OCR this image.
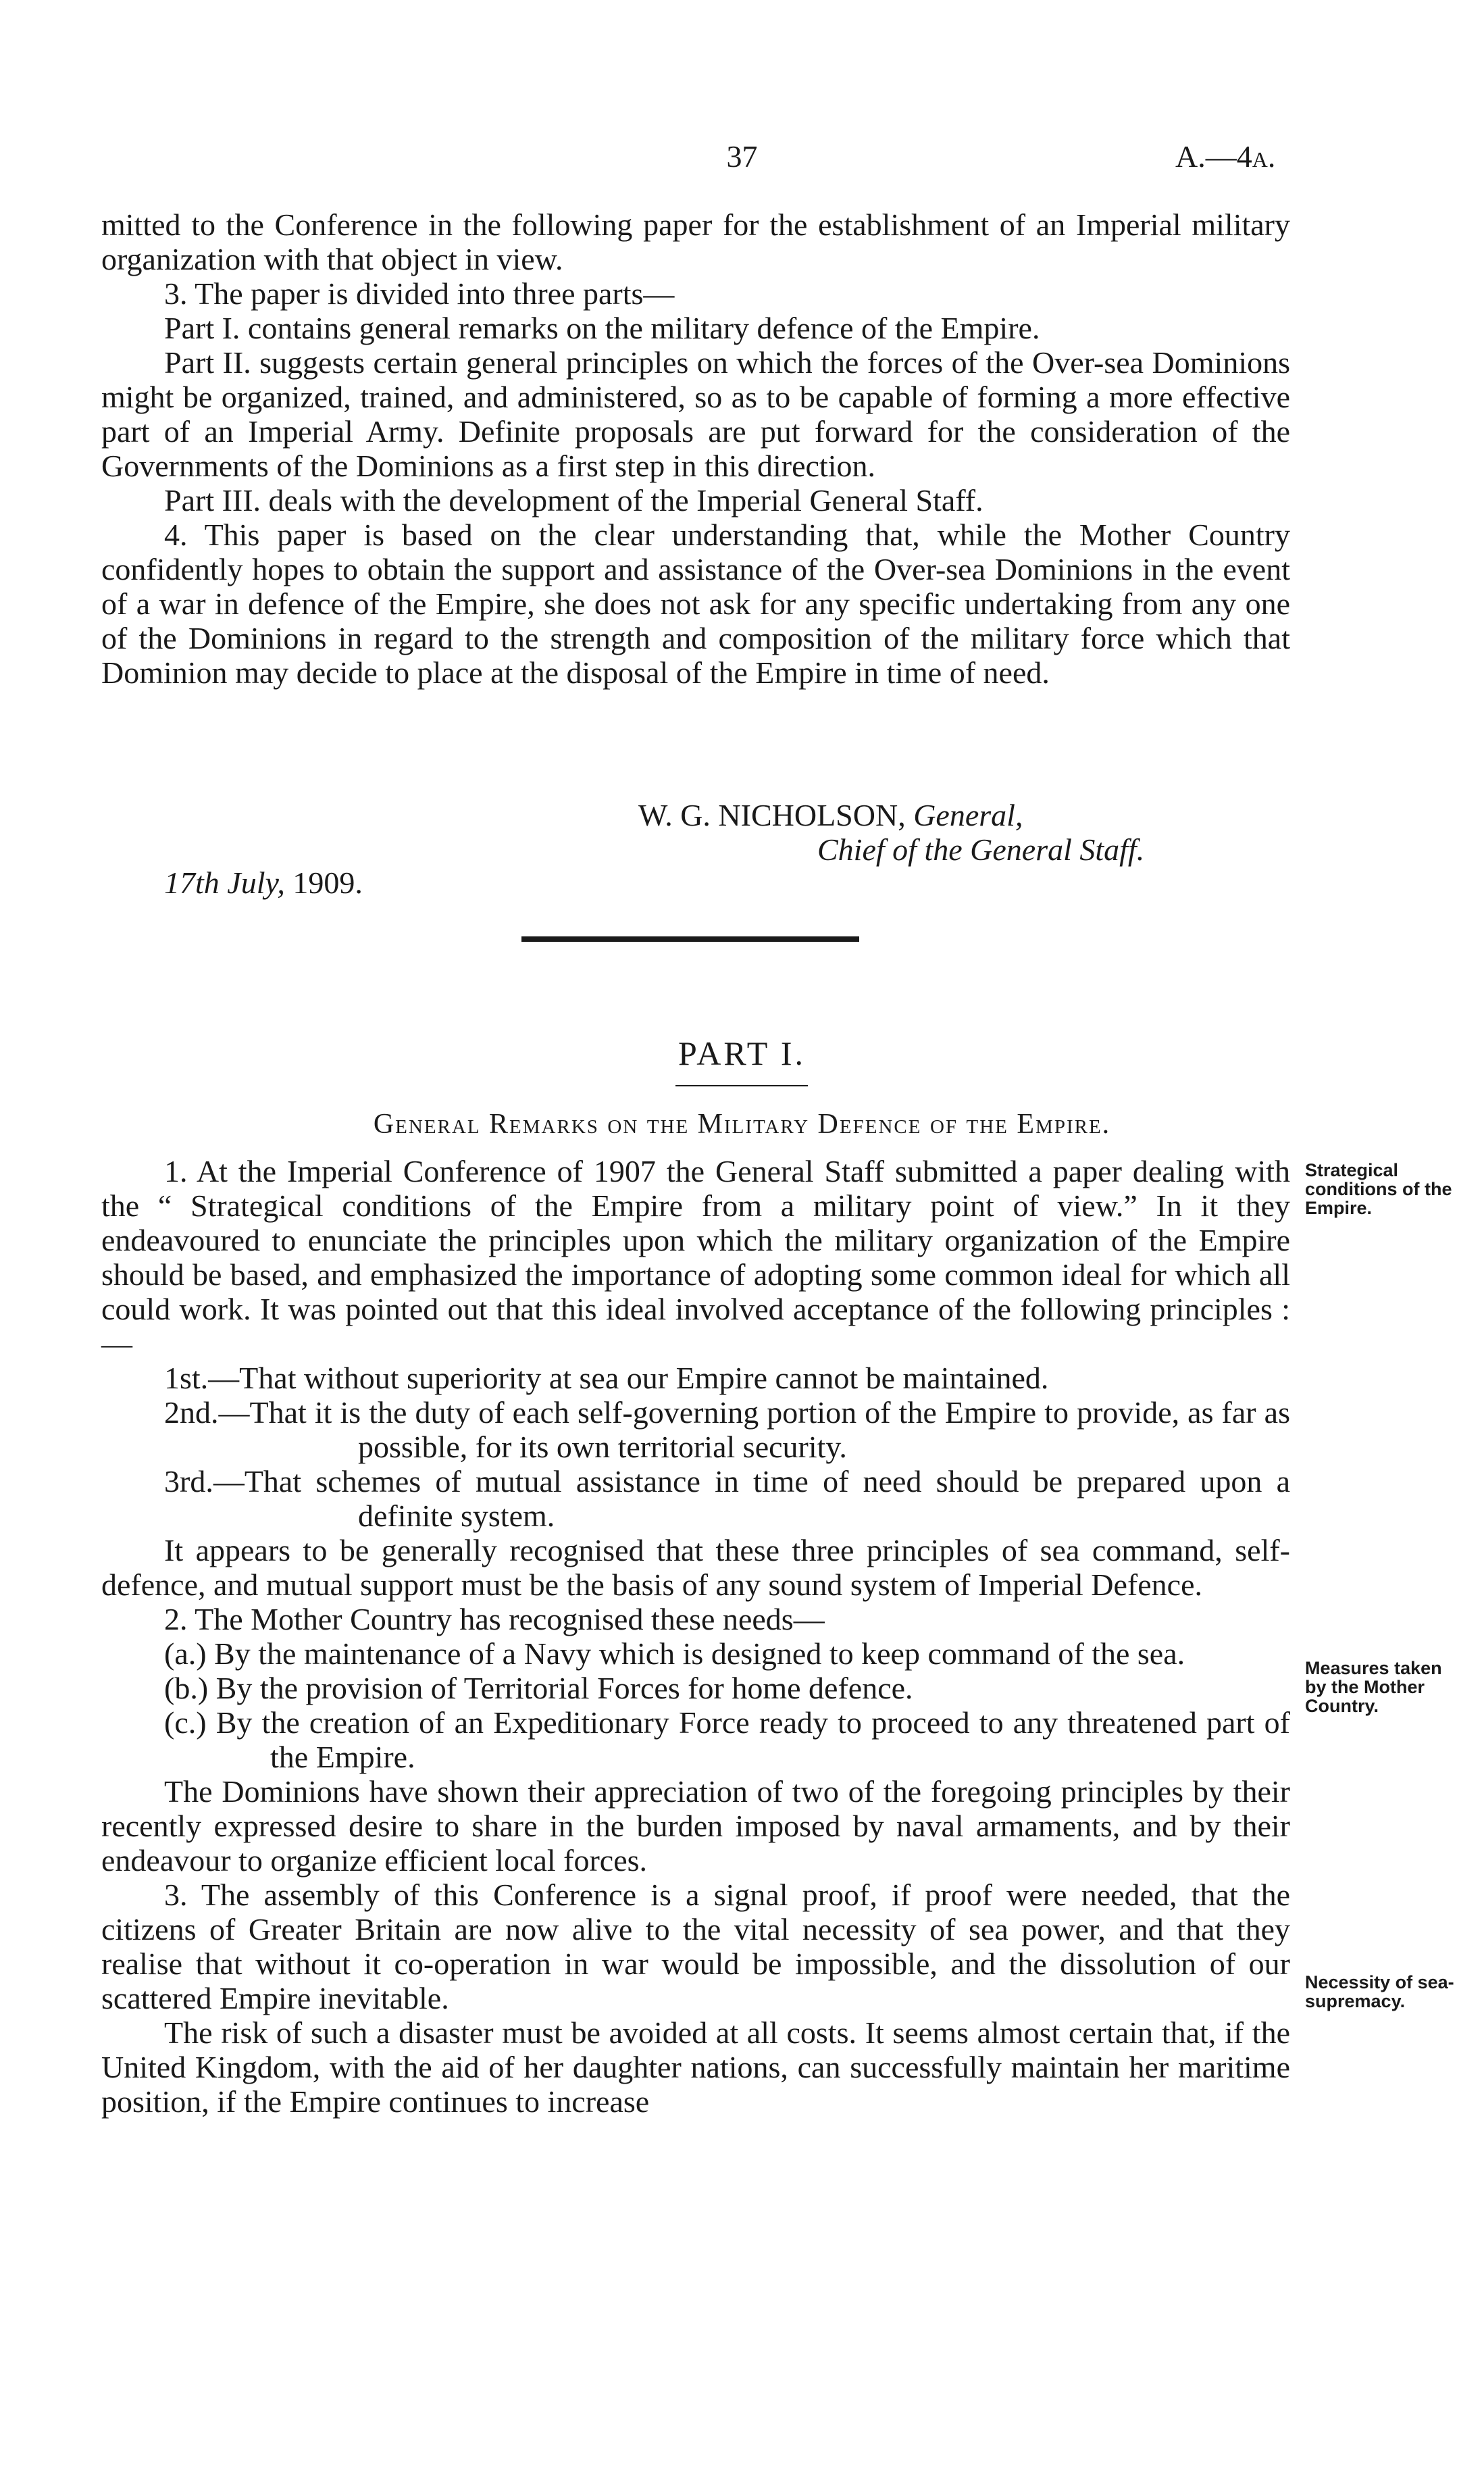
37	A.—4a.

mitted to the Conference in the following paper for the establishment of an Imperial military organization with that object in view.

3. The paper is divided into three parts—

Part I. contains general remarks on the military defence of the Empire.

Part II. suggests certain general principles on which the forces of the Over-sea Dominions might be organized, trained, and administered, so as to be capable of forming a more effective part of an Imperial Army. Definite proposals are put forward for the consideration of the Governments of the Dominions as a first step in this direction.

Part III. deals with the development of the Imperial General Staff.

4. This paper is based on the clear understanding that, while the Mother Country confidently hopes to obtain the support and assistance of the Over-sea Dominions in the event of a war in defence of the Empire, she does not ask for any specific undertaking from any one of the Dominions in regard to the strength and composition of the military force which that Dominion may decide to place at the disposal of the Empire in time of need.

W. G. NICHOLSON, General,
Chief of the General Staff.
17th July, 1909.
PART I.
General Remarks on the Military Defence of the Empire.

1. At the Imperial Conference of 1907 the General Staff submitted a paper dealing with the “ Strategical conditions of the Empire from a military point of view.” In it they endeavoured to enunciate the principles upon which the military organization of the Empire should be based, and emphasized the importance of adopting some common ideal for which all could work. It was pointed out that this ideal involved acceptance of the following principles :—

1st.—That without superiority at sea our Empire cannot be maintained.

2nd.—That it is the duty of each self-governing portion of the Empire to provide, as far as possible, for its own territorial security.

3rd.—That schemes of mutual assistance in time of need should be prepared upon a definite system.

It appears to be generally recognised that these three principles of sea command, self-defence, and mutual support must be the basis of any sound system of Imperial Defence.

2. The Mother Country has recognised these needs—

(a.) By the maintenance of a Navy which is designed to keep command of the sea.

(b.) By the provision of Territorial Forces for home defence.

(c.) By the creation of an Expeditionary Force ready to proceed to any threatened part of the Empire.

The Dominions have shown their appreciation of two of the foregoing principles by their recently expressed desire to share in the burden imposed by naval armaments, and by their endeavour to organize efficient local forces.

3. The assembly of this Conference is a signal proof, if proof were needed, that the citizens of Greater Britain are now alive to the vital necessity of sea power, and that they realise that without it co-operation in war would be impossible, and the dissolution of our scattered Empire inevitable.

The risk of such a disaster must be avoided at all costs. It seems almost certain that, if the United Kingdom, with the aid of her daughter nations, can successfully maintain her maritime position, if the Empire continues to increase

Strategical conditions of the Empire.
Measures taken by the Mother Country.
Necessity of sea-supremacy.
